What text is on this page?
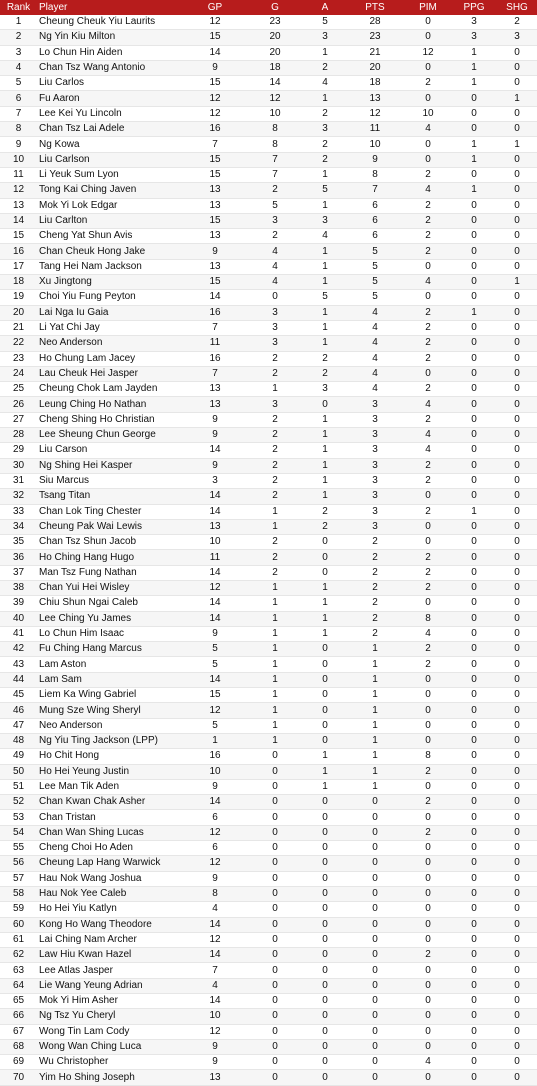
Rank	Player	GP	G	A	PTS	PIM	PPG	SHG
1	Cheung Cheuk Yiu Laurits	12	23	5	28	0	3	2
2	Ng Yin Kiu Milton	15	20	3	23	0	3	3
3	Lo Chun Hin Aiden	14	20	1	21	12	1	0
4	Chan Tsz Wang Antonio	9	18	2	20	0	1	0
5	Liu Carlos	15	14	4	18	2	1	0
6	Fu Aaron	12	12	1	13	0	0	1
7	Lee Kei Yu Lincoln	12	10	2	12	10	0	0
8	Chan Tsz Lai Adele	16	8	3	11	4	0	0
9	Ng Kowa	7	8	2	10	0	1	1
10	Liu Carlson	15	7	2	9	0	1	0
11	Li Yeuk Sum Lyon	15	7	1	8	2	0	0
12	Tong Kai Ching Javen	13	2	5	7	4	1	0
13	Mok Yi Lok Edgar	13	5	1	6	2	0	0
14	Liu Carlton	15	3	3	6	2	0	0
15	Cheng Yat Shun Avis	13	2	4	6	2	0	0
16	Chan Cheuk Hong Jake	9	4	1	5	2	0	0
17	Tang Hei Nam Jackson	13	4	1	5	0	0	0
18	Xu Jingtong	15	4	1	5	4	0	1
19	Choi Yiu Fung Peyton	14	0	5	5	0	0	0
20	Lai Nga Iu Gaia	16	3	1	4	2	1	0
21	Li Yat Chi Jay	7	3	1	4	2	0	0
22	Neo Anderson	11	3	1	4	2	0	0
23	Ho Chung Lam Jacey	16	2	2	4	2	0	0
24	Lau Cheuk Hei Jasper	7	2	2	4	0	0	0
25	Cheung Chok Lam Jayden	13	1	3	4	2	0	0
26	Leung Ching Ho Nathan	13	3	0	3	4	0	0
27	Cheng Shing Ho Christian	9	2	1	3	2	0	0
28	Lee Sheung Chun George	9	2	1	3	4	0	0
29	Liu Carson	14	2	1	3	4	0	0
30	Ng Shing Hei Kasper	9	2	1	3	2	0	0
31	Siu Marcus	3	2	1	3	2	0	0
32	Tsang Titan	14	2	1	3	0	0	0
33	Chan Lok Ting Chester	14	1	2	3	2	1	0
34	Cheung Pak Wai Lewis	13	1	2	3	0	0	0
35	Chan Tsz Shun Jacob	10	2	0	2	0	0	0
36	Ho Ching Hang Hugo	11	2	0	2	2	0	0
37	Man Tsz Fung Nathan	14	2	0	2	2	0	0
38	Chan Yui Hei Wisley	12	1	1	2	2	0	0
39	Chiu Shun Ngai Caleb	14	1	1	2	0	0	0
40	Lee Ching Yu James	14	1	1	2	8	0	0
41	Lo Chun Him Isaac	9	1	1	2	4	0	0
42	Fu Ching Hang Marcus	5	1	0	1	2	0	0
43	Lam Aston	5	1	0	1	2	0	0
44	Lam Sam	14	1	0	1	0	0	0
45	Liem Ka Wing Gabriel	15	1	0	1	0	0	0
46	Mung Sze Wing Sheryl	12	1	0	1	0	0	0
47	Neo Anderson	5	1	0	1	0	0	0
48	Ng Yiu Ting Jackson (LPP)	1	1	0	1	0	0	0
49	Ho Chit Hong	16	0	1	1	8	0	0
50	Ho Hei Yeung Justin	10	0	1	1	2	0	0
51	Lee Man Tik Aden	9	0	1	1	0	0	0
52	Chan Kwan Chak Asher	14	0	0	0	2	0	0
53	Chan Tristan	6	0	0	0	0	0	0
54	Chan Wan Shing Lucas	12	0	0	0	2	0	0
55	Cheng Choi Ho Aden	6	0	0	0	0	0	0
56	Cheung Lap Hang Warwick	12	0	0	0	0	0	0
57	Hau Nok Wang Joshua	9	0	0	0	0	0	0
58	Hau Nok Yee Caleb	8	0	0	0	0	0	0
59	Ho Hei Yiu Katlyn	4	0	0	0	0	0	0
60	Kong Ho Wang Theodore	14	0	0	0	0	0	0
61	Lai Ching Nam Archer	12	0	0	0	0	0	0
62	Law Hiu Kwan Hazel	14	0	0	0	2	0	0
63	Lee Atlas Jasper	7	0	0	0	0	0	0
64	Lie Wang Yeung Adrian	4	0	0	0	0	0	0
65	Mok Yi Him Asher	14	0	0	0	0	0	0
66	Ng Tsz Yu Cheryl	10	0	0	0	0	0	0
67	Wong Tin Lam Cody	12	0	0	0	0	0	0
68	Wong Wan Ching Luca	9	0	0	0	0	0	0
69	Wu Christopher	9	0	0	0	4	0	0
70	Yim Ho Shing Joseph	13	0	0	0	0	0	0
